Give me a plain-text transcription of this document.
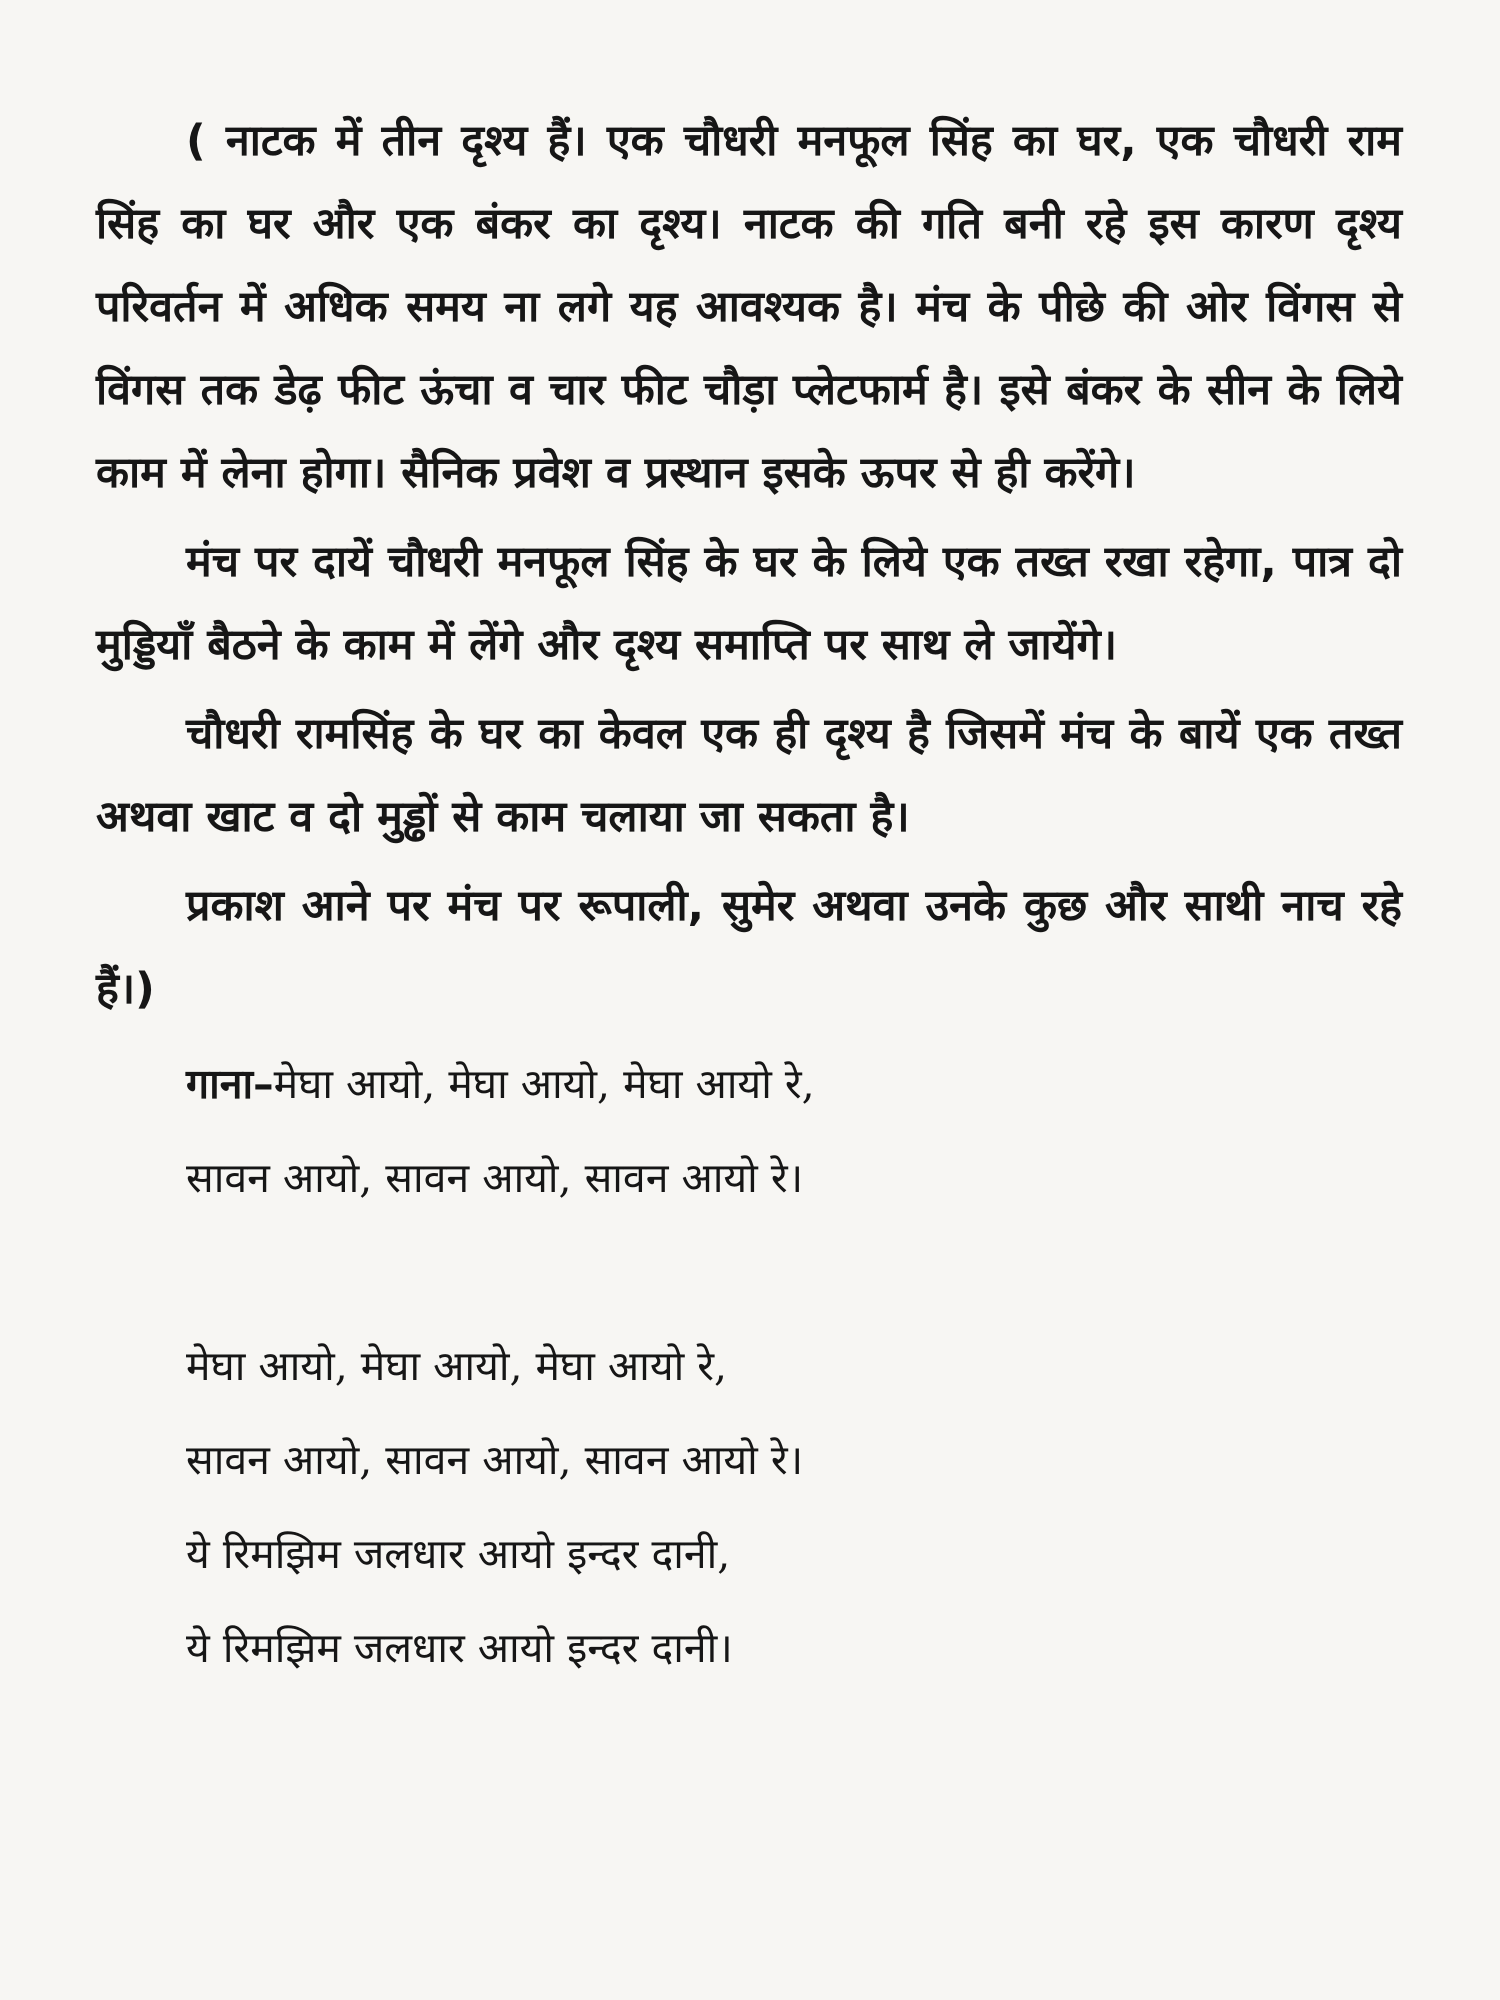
( नाटक में तीन दृश्य हैं। एक चौधरी मनफूल सिंह का घर, एक चौधरी राम सिंह का घर और एक बंकर का दृश्य। नाटक की गति बनी रहे इस कारण दृश्य परिवर्तन में अधिक समय ना लगे यह आवश्यक है। मंच के पीछे की ओर विंगस से विंगस तक डेढ़ फीट ऊंचा व चार फीट चौड़ा प्लेटफार्म है। इसे बंकर के सीन के लिये काम में लेना होगा। सैनिक प्रवेश व प्रस्थान इसके ऊपर से ही करेंगे।

मंच पर दायें चौधरी मनफूल सिंह के घर के लिये एक तख्त रखा रहेगा, पात्र दो मुड्डियाँ बैठने के काम में लेंगे और दृश्य समाप्ति पर साथ ले जायेंगे।

चौधरी रामसिंह के घर का केवल एक ही दृश्य है जिसमें मंच के बायें एक तख्त अथवा खाट व दो मुड्ढों से काम चलाया जा सकता है।

प्रकाश आने पर मंच पर रूपाली, सुमेर अथवा उनके कुछ और साथी नाच रहे हैं।)

गाना–मेघा आयो, मेघा आयो, मेघा आयो रे,
सावन आयो, सावन आयो, सावन आयो रे।
मेघा आयो, मेघा आयो, मेघा आयो रे,
सावन आयो, सावन आयो, सावन आयो रे।
ये रिमझिम जलधार आयो इन्दर दानी,
ये रिमझिम जलधार आयो इन्दर दानी।
